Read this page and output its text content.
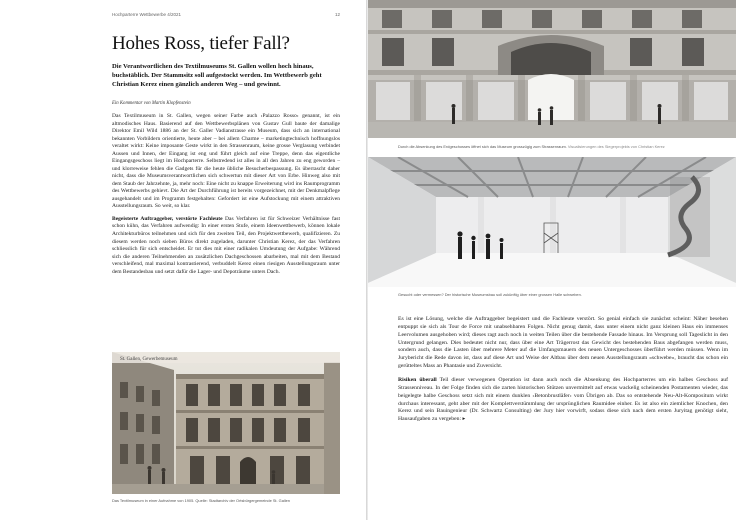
Hochparterre Wettbewerbe 4/2021	12
Hohes Ross, tiefer Fall?

Die Verantwortlichen des Textilmuseums St. Gallen wollen hoch hinaus, buchstäblich. Der Stammsitz soll aufgestockt werden. Im Wettbewerb geht Christian Kerez einen gänzlich anderen Weg – und gewinnt.

Ein Kommentar von Martin Klopfenstein

Das Textilmuseum in St. Gallen, wegen seiner Farbe auch ‹Palazzo Rosso› genannt, ist ein altmodisches Haus. Basierend auf den Wettbewerbsplänen von Gustav Gull baute der damalige Direktor Emil Wild 1886 an der St. Galler Vadianstrasse ein Museum, dass sich an international bekannten Vorbildern orientierte, heute aber – bei allem Charme – marketingtechnisch hoffnungslos veraltet wirkt: Keine imposante Geste wirkt in den Strassenraum, keine grosse Verglasung verbindet Aussen und Innen, der Eingang ist eng und führt gleich auf eine Treppe, denn das eigentliche Eingangsgeschoss liegt im Hochparterre. Selbstredend ist alles in all den Jahren zu eng geworden – und klorreweise fehlen die Gadgets für die heute übliche Besucherbespassung. Es überrascht daher nicht, dass die Museumsverantwortlichen sich schwertun mit dieser Art von Erbe. Hinweg also mit dem Staub der Jahrzehnte, ja, mehr noch: Eine nicht zu knappe Erweiterung wird ins Raumprogramm des Wettbewerbs gehievt. Die Art der Durchführung ist bereits vorgezeichnet, mit der Denkmalpflege ausgehandelt und im Programm festgehalten: Gefordert ist eine Aufstockung mit einem attraktiven Ausstellungsraum. So weit, so klar.

Begeisterte Auftraggeber, verstörte Fachleute Das Verfahren ist für Schweizer Verhältnisse fast schon kühn, das Verfahren aufwendig: In einer ersten Stufe, einem Ideenwettbewerb, können lokale Architekturbüros teilnehmen und sich für den zweiten Teil, den Projektwettbewerb, qualifizieren. Zu diesem werden noch sieben Büros direkt zugeladen, darunter Christian Kerez, der das Verfahren schliesslich für sich entscheidet. Er tut dies mit einer radikalen Umdeutung der Aufgabe: Während sich die anderen Teilnehmenden an zusätzlichen Dachgeschossen abarbeiten, mal mit dem Bestand verschleifend, mal maximal kontrastierend, verbuddelt Kerez einen riesigen Ausstellungsraum unter dem Bestandesbau und setzt dafür die Lager- und Depoträume unters Dach.

St. Gallen, Gewerbemuseum
Das Textilmuseum in einer Aufnahme von 1905. Quelle: Stadtarchiv der Ortsbürgergemeinde St. Gallen
Durch die Absenkung des Erdgeschosses öffnet sich das Museum grosszügig zum Strassenraum. Visualisierungen des Siegerprojekts von Christian Kerez
Gesucht oder vermessen? Der historische Museumsbau soll zukünftig über einer grossen Halle schweben.

Es ist eine Lösung, welche die Auftraggeber begeistert und die Fachleute verstört. So genial einfach sie zunächst scheint: Näher besehen entpuppt sie sich als Tour de Force mit unabsehbaren Folgen. Nicht genug damit, dass unter einem nicht ganz kleinen Haus ein immenses Leervolumen ausgehoben wird; dieses ragt auch noch in weiten Teilen über die bestehende Fassade hinaus. Im Versprung soll Tageslicht in den Untergrund gelangen. Dies bedeutet nicht nur, dass über eine Art Trägerrost das Gewicht des bestehenden Baus abgefangen werden muss, sondern auch, dass die Lasten über mehrere Meter auf die Umfangsmauern des neuen Untergeschosses überführt werden müssen. Wenn im Jurybericht die Rede davon ist, dass auf diese Art und Weise der Altbau über dem neuen Ausstellungsraum «schwebe», braucht das schon ein gerütteltes Mass an Phantasie und Zuversicht.

Risiken überall Teil dieser verwegenen Operation ist dann auch noch die Absenkung des Hochparterres um ein halbes Geschoss auf Strassenniveau. In der Folge finden sich die zarten historischen Stützen unvermittelt auf etwas wackelig scheinenden Postamenten wieder, das beigelegte halbe Geschoss setzt sich mit einem dunklen ‹Betonbrustläfer› vom Übrigen ab. Das so entstehende Neu-Alt-Kompositum wirkt durchaus interessant, geht aber mit der Komplettverstümmlung der ursprünglichen Raumidee einher. Es ist also ein ziemlicher Knochen, den Kerez und sein Bauingenieur (Dr. Schwartz Consulting) der Jury hier vorwirft, sodass diese sich nach dem ersten Juryitag genötigt sieht, Hausaufgaben zu vergeben: ▸
